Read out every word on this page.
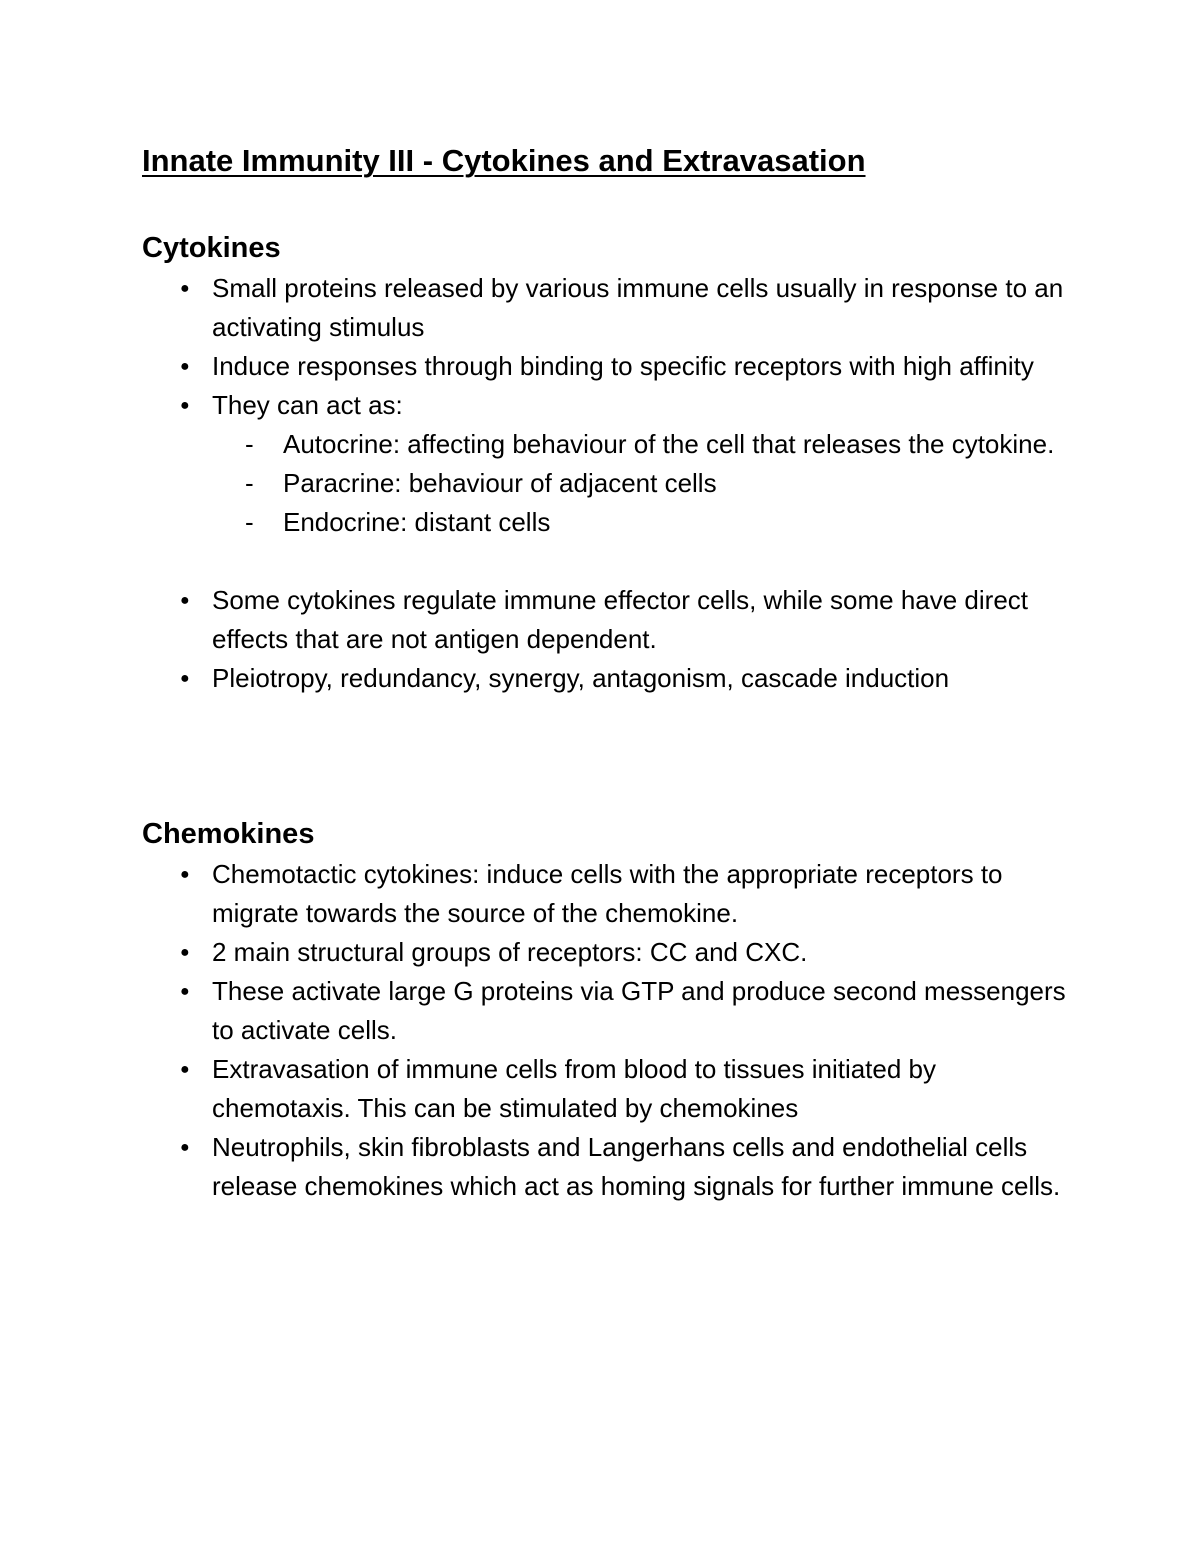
Innate Immunity III - Cytokines and Extravasation
Cytokines
● Small proteins released by various immune cells usually in response to an activating stimulus
● Induce responses through binding to specific receptors with high affinity
● They can act as:
- Autocrine: affecting behaviour of the cell that releases the cytokine.
- Paracrine: behaviour of adjacent cells
- Endocrine: distant cells
● Some cytokines regulate immune effector cells, while some have direct effects that are not antigen dependent.
● Pleiotropy, redundancy, synergy, antagonism, cascade induction
Chemokines
● Chemotactic cytokines: induce cells with the appropriate receptors to migrate towards the source of the chemokine.
● 2 main structural groups of receptors: CC and CXC.
● These activate large G proteins via GTP and produce second messengers to activate cells.
● Extravasation of immune cells from blood to tissues initiated by chemotaxis. This can be stimulated by chemokines
● Neutrophils, skin fibroblasts and Langerhans cells and endothelial cells release chemokines which act as homing signals for further immune cells.
